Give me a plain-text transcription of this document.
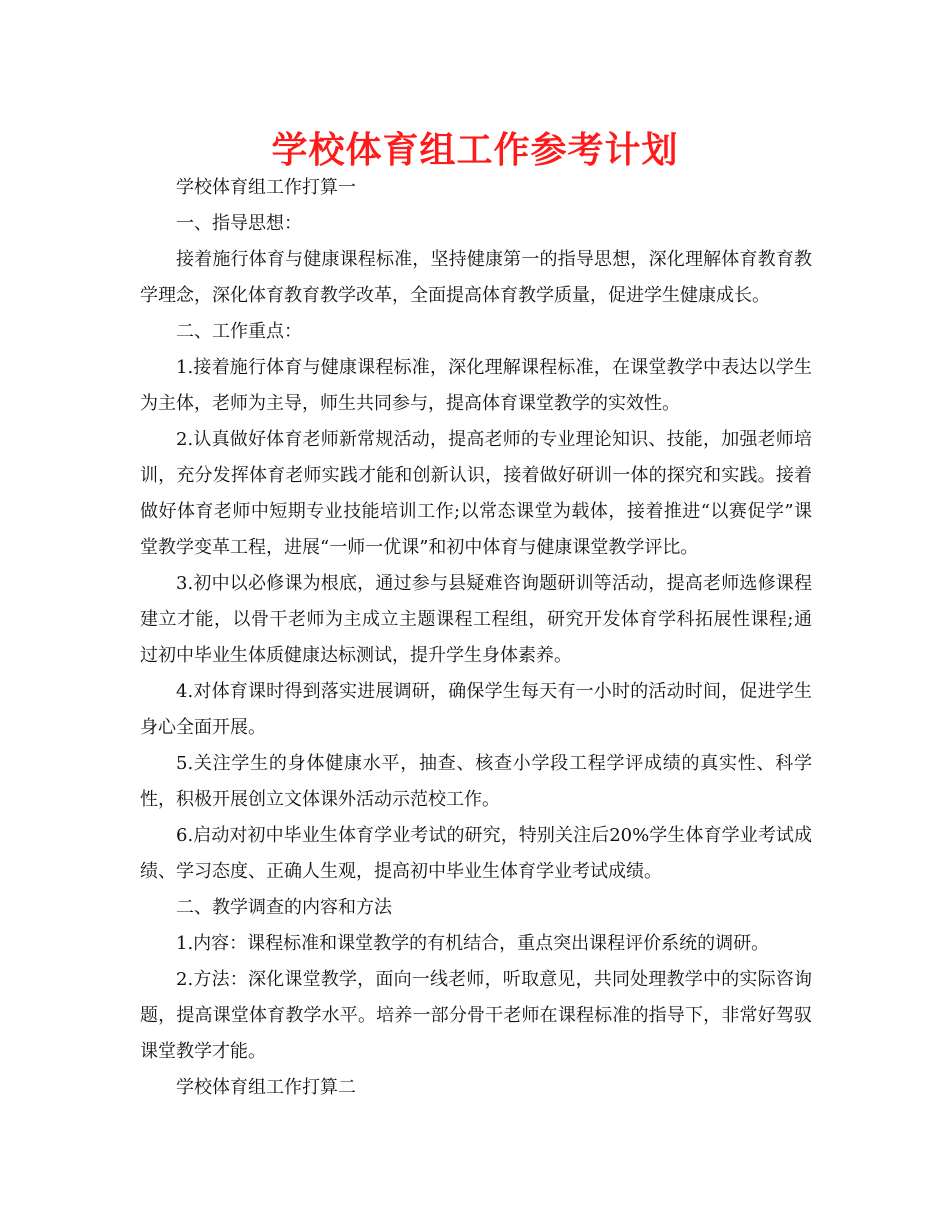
学校体育组工作参考计划

学校体育组工作打算一

一、指导思想：

接着施行体育与健康课程标准，坚持健康第一的指导思想，深化理解体育教育教学理念，深化体育教育教学改革，全面提高体育教学质量，促进学生健康成长。

二、工作重点：

1.接着施行体育与健康课程标准，深化理解课程标准，在课堂教学中表达以学生为主体，老师为主导，师生共同参与，提高体育课堂教学的实效性。

2.认真做好体育老师新常规活动，提高老师的专业理论知识、技能，加强老师培训，充分发挥体育老师实践才能和创新认识，接着做好研训一体的探究和实践。接着做好体育老师中短期专业技能培训工作;以常态课堂为载体，接着推进“以赛促学”课堂教学变革工程，进展“一师一优课”和初中体育与健康课堂教学评比。

3.初中以必修课为根底，通过参与县疑难咨询题研训等活动，提高老师选修课程建立才能，以骨干老师为主成立主题课程工程组，研究开发体育学科拓展性课程;通过初中毕业生体质健康达标测试，提升学生身体素养。

4.对体育课时得到落实进展调研，确保学生每天有一小时的活动时间，促进学生身心全面开展。

5.关注学生的身体健康水平，抽查、核查小学段工程学评成绩的真实性、科学性，积极开展创立文体课外活动示范校工作。

6.启动对初中毕业生体育学业考试的研究，特别关注后20%学生体育学业考试成绩、学习态度、正确人生观，提高初中毕业生体育学业考试成绩。

二、教学调查的内容和方法

1.内容：课程标准和课堂教学的有机结合，重点突出课程评价系统的调研。

2.方法：深化课堂教学，面向一线老师，听取意见，共同处理教学中的实际咨询题，提高课堂体育教学水平。培养一部分骨干老师在课程标准的指导下，非常好驾驭课堂教学才能。

学校体育组工作打算二
